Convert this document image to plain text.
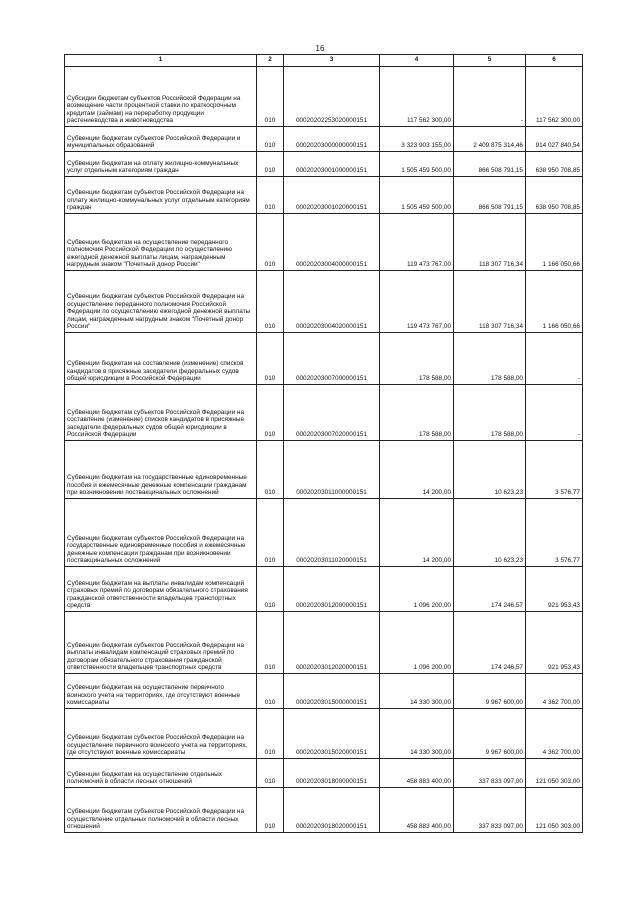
16
1	2	3	4	5	6
Субсидии бюджетам субъектов Российской Федерации на возмещение части процентной ставки по краткосрочным кредитам (займам) на переработку продукции растениеводства и животноводства	010	00020202253020000151	117 562 300,00	-	117 562 300,00
Субвенции бюджетам субъектов Российской Федерации и муниципальных образований	010	00020203000000000151	3 323 903 155,00	2 409 875 314,46	914 027 840,54
Субвенции бюджетам на оплату жилищно-коммунальных услуг отдельным категориям граждан	010	00020203001000000151	1 505 459 500,00	866 508 791,15	638 950 708,85
Субвенции бюджетам субъектов Российской Федерации на оплату жилищно-коммунальных услуг отдельным категориям граждан	010	00020203001020000151	1 505 459 500,00	866 508 791,15	638 950 708,85
Субвенции бюджетам на осуществление переданного полномочия Российской Федерации по осуществлению ежегодной денежной выплаты лицам, награжденным нагрудным знаком "Почетный донор России"	010	00020203004000000151	119 473 767,00	118 307 716,34	1 166 050,66
Субвенции бюджетам субъектов Российской Федерации на осуществление переданного полномочия Российской Федерации по осуществлению ежегодной денежной выплаты лицам, награжденным нагрудным знаком "Почетный донор России"	010	00020203004020000151	119 473 767,00	118 307 716,34	1 166 050,66
Субвенции бюджетам на составление (изменение) списков кандидатов в присяжные заседатели федеральных судов общей юрисдикции в Российской Федерации	010	00020203007000000151	178 588,00	178 588,00	-
Субвенции бюджетам субъектов Российской Федерации на составление (изменение) списков кандидатов в присяжные заседатели федеральных судов общей юрисдикции в Российской Федерации	010	00020203007020000151	178 588,00	178 588,00	-
Субвенции бюджетам на государственные единовременные пособия и ежемесячные денежные компенсации гражданам при возникновении поствакцинальных осложнений	010	00020203011000000151	14 200,00	10 623,23	3 576,77
Субвенции бюджетам субъектов Российской Федерации на государственные единовременные пособия и ежемесячные денежные компенсации гражданам при возникновении поствакцинальных осложнений	010	00020203011020000151	14 200,00	10 623,23	3 576,77
Субвенции бюджетам на выплаты инвалидам компенсаций страховых премий по договорам обязательного страхования гражданской ответственности владельцев транспортных средств	010	00020203012000000151	1 096 200,00	174 246,57	921 953,43
Субвенции бюджетам субъектов Российской Федерации на выплаты инвалидам компенсаций страховых премий по договорам обязательного страхования гражданской ответственности владельцев транспортных средств	010	00020203012020000151	1 096 200,00	174 246,57	921 953,43
Субвенции бюджетам на осуществление первичного воинского учета на территориях, где отсутствуют военные комиссариаты	010	00020203015000000151	14 330 300,00	9 967 600,00	4 362 700,00
Субвенции бюджетам субъектов Российской Федерации на осуществление первичного воинского учета на территориях, где отсутствуют военные комиссариаты	010	00020203015020000151	14 330 300,00	9 967 600,00	4 362 700,00
Субвенции бюджетам на осуществление отдельных полномочий в области лесных отношений	010	00020203018000000151	458 883 400,00	337 833 097,00	121 050 303,00
Субвенции бюджетам субъектов Российской Федерации на осуществление отдельных полномочий в области лесных отношений	010	00020203018020000151	458 883 400,00	337 833 097,00	121 050 303,00
